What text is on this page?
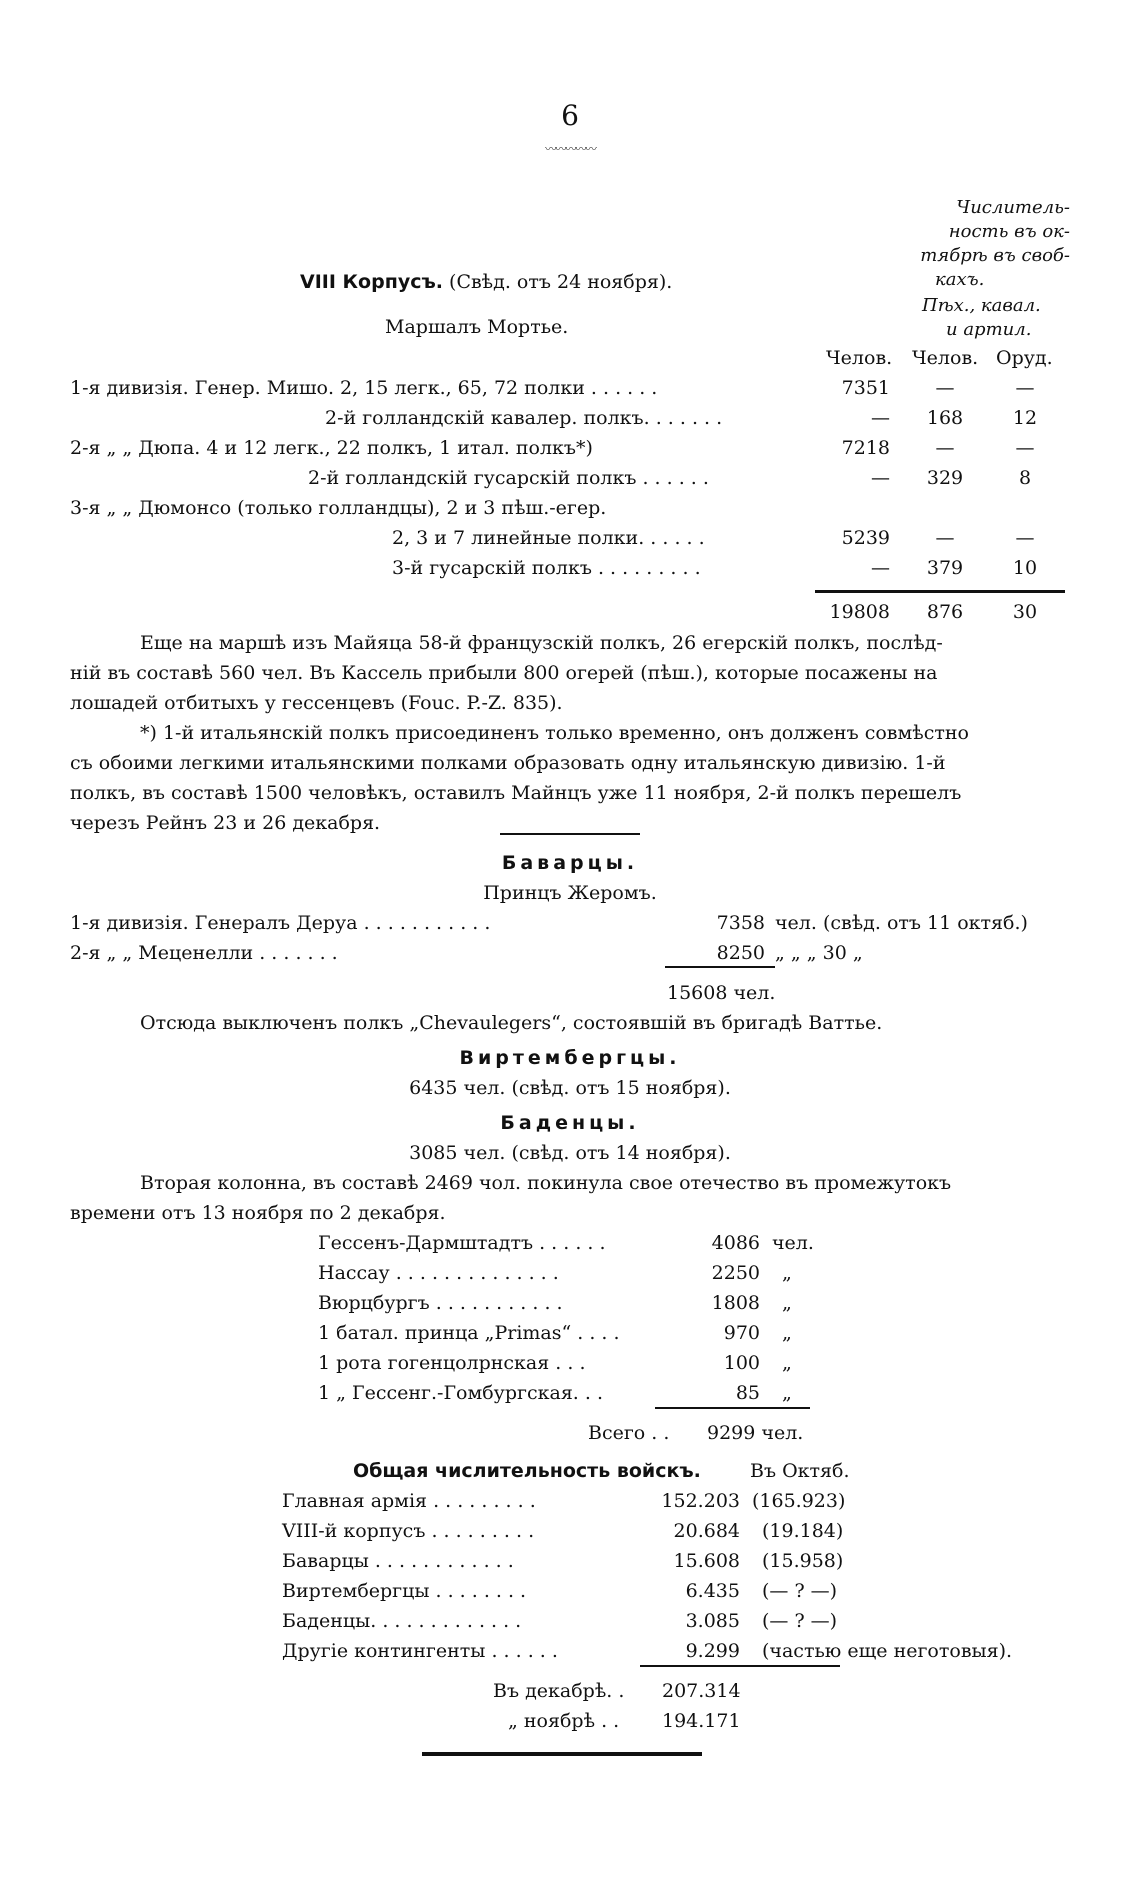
6
〰〰〰〰〰
Числитель-
ность въ ок-
тябрѣ въ своб-
кахъ.
Пѣх., кавал.
и артил.
VIII Корпусъ. (Свѣд. отъ 24 ноября).
Маршалъ Мортье.
Челов. Челов. Оруд.
1-я дивизія. Генер. Мишо. 2, 15 легк., 65, 72 полки . . . . . .	7351	—	—
2-й голландскій кавалер. полкъ. . . . . . .	—	168	12
2-я „ „ Дюпа. 4 и 12 легк., 22 полкъ, 1 итал. полкъ*)	7218	—	—
2-й голландскій гусарскій полкъ . . . . . .	—	329	8
3-я „ „ Дюмонсо (только голландцы), 2 и 3 пѣш.-егер.
2, 3 и 7 линейные полки. . . . . .	5239	—	—
3-й гусарскій полкъ . . . . . . . . .	—	379	10
19808	876	30
Еще на маршѣ изъ Майяца 58-й французскій полкъ, 26 егерскій полкъ, послѣд-
ній въ составѣ 560 чел. Въ Кассель прибыли 800 огерей (пѣш.), которые посажены на
лошадей отбитыхъ у гессенцевъ (Fouc. P.-Z. 835).
*) 1-й итальянскій полкъ присоединенъ только временно, онъ долженъ совмѣстно
съ обоими легкими итальянскими полками образовать одну итальянскую дивизію. 1-й
полкъ, въ составѣ 1500 человѣкъ, оставилъ Майнцъ уже 11 ноября, 2-й полкъ перешелъ
черезъ Рейнъ 23 и 26 декабря.
Баварцы.
Принцъ Жеромъ.
1-я дивизія. Генералъ Деруа . . . . . . . . . . .	7358 чел. (свѣд. отъ 11 октяб.)
2-я „ „ Меценелли . . . . . . .	8250 „ „ „ 30 „
15608 чел.
Отсюда выключенъ полкъ „Chevaulegers“, состоявшій въ бригадѣ Ваттье.
Виртембергцы.
6435 чел. (свѣд. отъ 15 ноября).
Баденцы.
3085 чел. (свѣд. отъ 14 ноября).
Вторая колонна, въ составѣ 2469 чол. покинула свое отечество въ промежутокъ
времени отъ 13 ноября по 2 декабря.
Гессенъ-Дармштадтъ . . . . . .	4086 чел.
Нассау . . . . . . . . . . . . . .	2250 „
Вюрцбургъ . . . . . . . . . . .	1808 „
1 батал. принца „Primas“ . . . .	970 „
1 рота гогенцолрнская . . .	100 „
1 „ Гессенг.-Гомбургская. . .	85 „
Всего . . 9299 чел.
Общая числительность войскъ.	Въ Октяб.
Главная армія . . . . . . . . .	152.203 (165.923)
VIII-й корпусъ . . . . . . . . .	20.684 (19.184)
Баварцы . . . . . . . . . . . .	15.608 (15.958)
Виртембергцы . . . . . . . .	6.435 (— ? —)
Баденцы. . . . . . . . . . . . .	3.085 (— ? —)
Другіе контингенты . . . . . .	9.299 (частью еще неготовыя).
Въ декабрѣ. . 207.314
„ ноябрѣ . . 194.171
